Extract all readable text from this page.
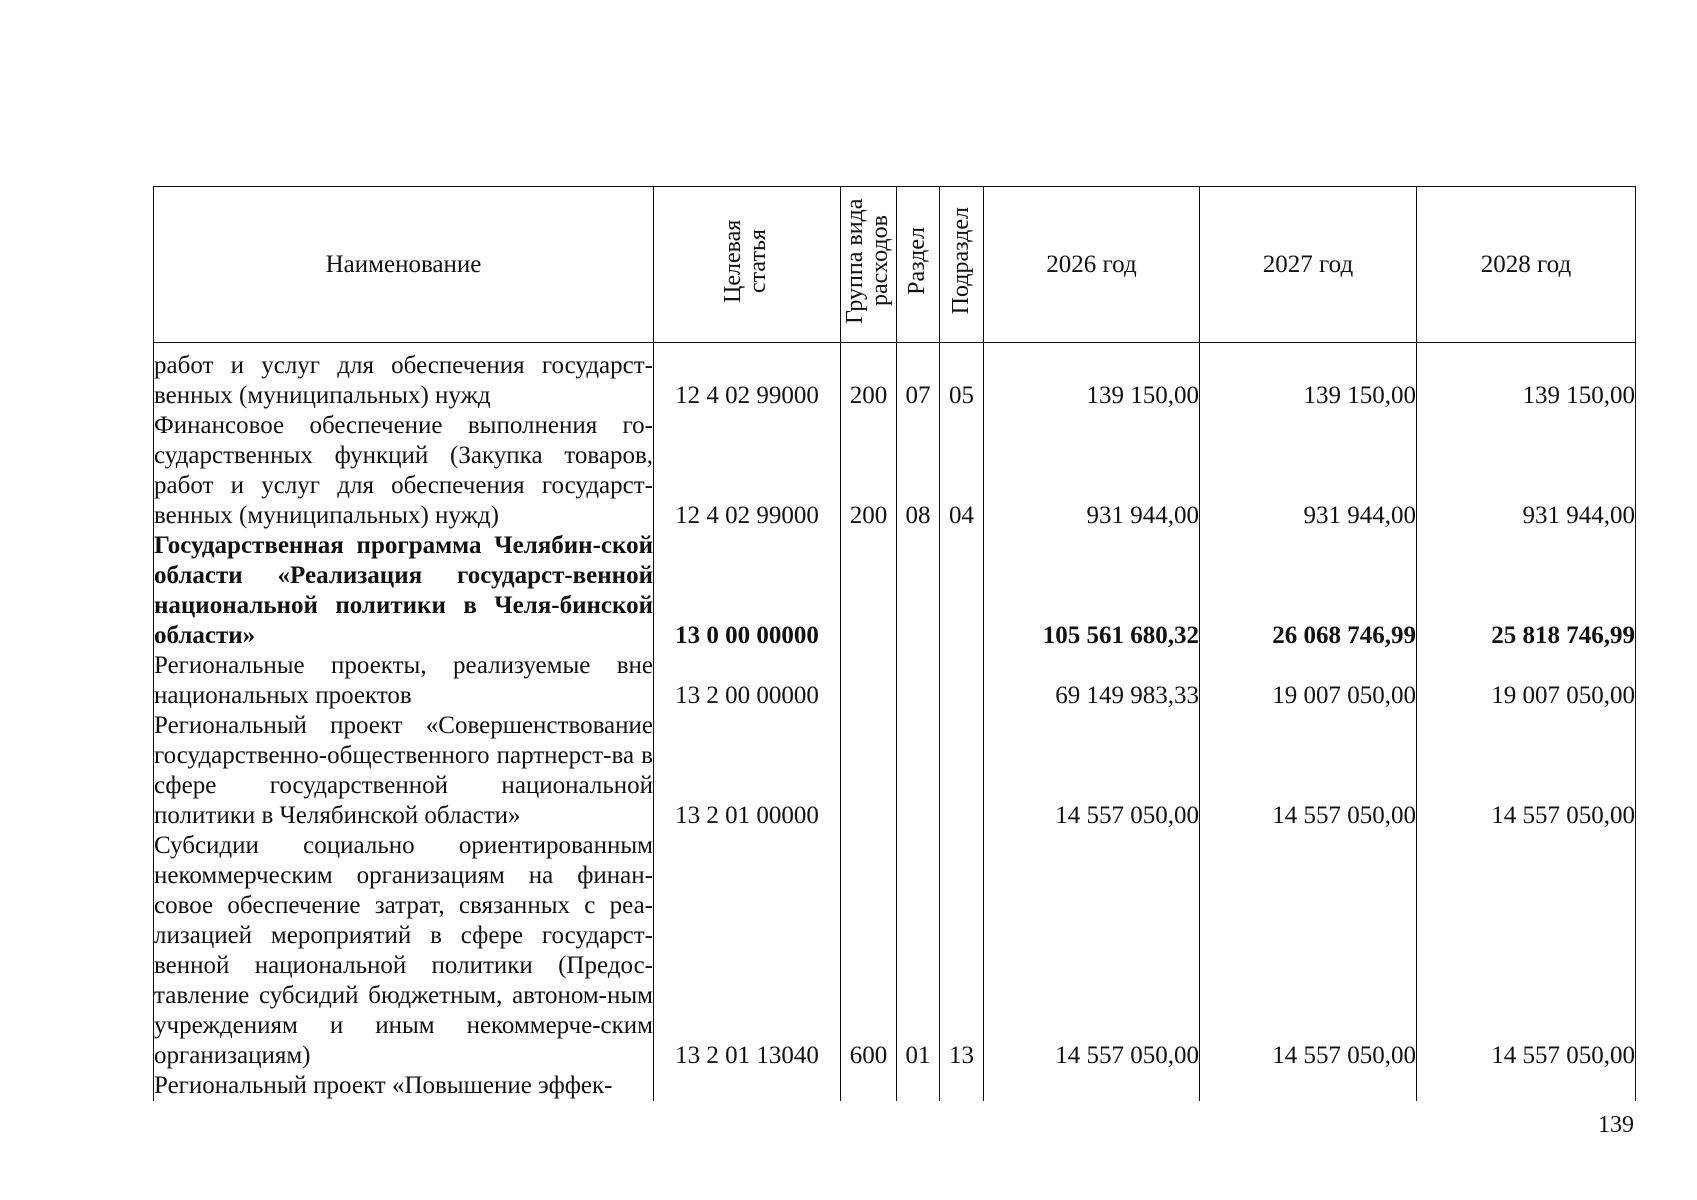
Наименование	Целевая статья	Группа вида расходов	Раздел	Подраздел	2026 год	2027 год	2028 год
работ и услуг для обеспечения государст-венных (муниципальных) нужд	12 4 02 99000	200	07	05	139 150,00	139 150,00	139 150,00
Финансовое обеспечение выполнения го-сударственных функций (Закупка товаров, работ и услуг для обеспечения государст-венных (муниципальных) нужд)	12 4 02 99000	200	08	04	931 944,00	931 944,00	931 944,00
Государственная программа Челябин-ской области «Реализация государст-венной национальной политики в Челя-бинской области»	13 0 00 00000				105 561 680,32	26 068 746,99	25 818 746,99
Региональные проекты, реализуемые вне национальных проектов	13 2 00 00000				69 149 983,33	19 007 050,00	19 007 050,00
Региональный проект «Совершенствование государственно-общественного партнерст-ва в сфере государственной национальной политики в Челябинской области»	13 2 01 00000				14 557 050,00	14 557 050,00	14 557 050,00
Субсидии социально ориентированным некоммерческим организациям на финан-совое обеспечение затрат, связанных с реа-лизацией мероприятий в сфере государст-венной национальной политики (Предос-тавление субсидий бюджетным, автоном-ным учреждениям и иным некоммерче-ским организациям)	13 2 01 13040	600	01	13	14 557 050,00	14 557 050,00	14 557 050,00
Региональный проект «Повышение эффек-							
139
